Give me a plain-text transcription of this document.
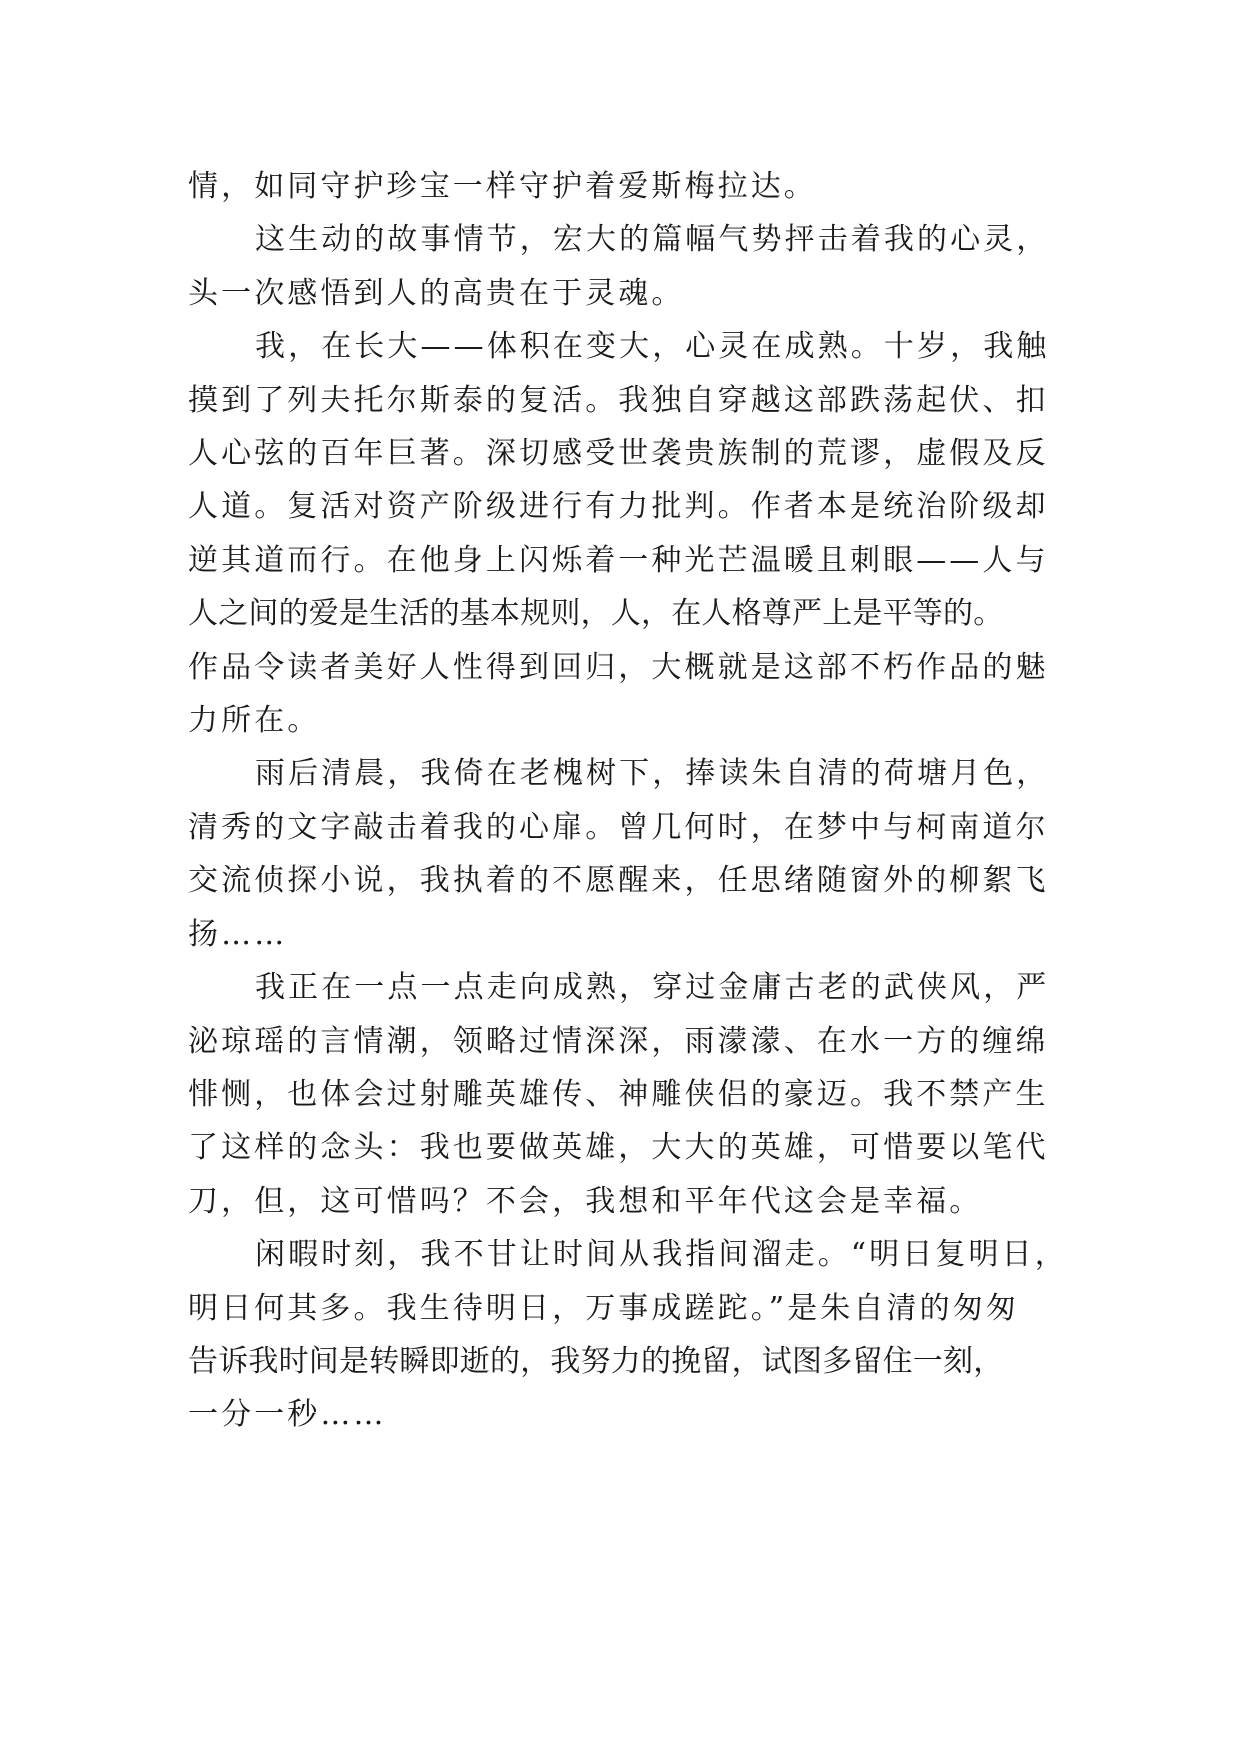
情，如同守护珍宝一样守护着爱斯梅拉达。

这生动的故事情节，宏大的篇幅气势抨击着我的心灵，
头一次感悟到人的高贵在于灵魂。

我，在长大——体积在变大，心灵在成熟。十岁，我触
摸到了列夫托尔斯泰的复活。我独自穿越这部跌荡起伏、扣
人心弦的百年巨著。深切感受世袭贵族制的荒谬，虚假及反
人道。复活对资产阶级进行有力批判。作者本是统治阶级却
逆其道而行。在他身上闪烁着一种光芒温暖且刺眼——人与
人之间的爱是生活的基本规则，人，在人格尊严上是平等的。
作品令读者美好人性得到回归，大概就是这部不朽作品的魅
力所在。

雨后清晨，我倚在老槐树下，捧读朱自清的荷塘月色，
清秀的文字敲击着我的心扉。曾几何时，在梦中与柯南道尔
交流侦探小说，我执着的不愿醒来，任思绪随窗外的柳絮飞
扬……

我正在一点一点走向成熟，穿过金庸古老的武侠风，严
泌琼瑶的言情潮，领略过情深深，雨濛濛、在水一方的缠绵
悱恻，也体会过射雕英雄传、神雕侠侣的豪迈。我不禁产生
了这样的念头：我也要做英雄，大大的英雄，可惜要以笔代
刀，但，这可惜吗？不会，我想和平年代这会是幸福。

闲暇时刻，我不甘让时间从我指间溜走。“明日复明日，
明日何其多。我生待明日，万事成蹉跎。”是朱自清的匆匆
告诉我时间是转瞬即逝的，我努力的挽留，试图多留住一刻，
一分一秒……
